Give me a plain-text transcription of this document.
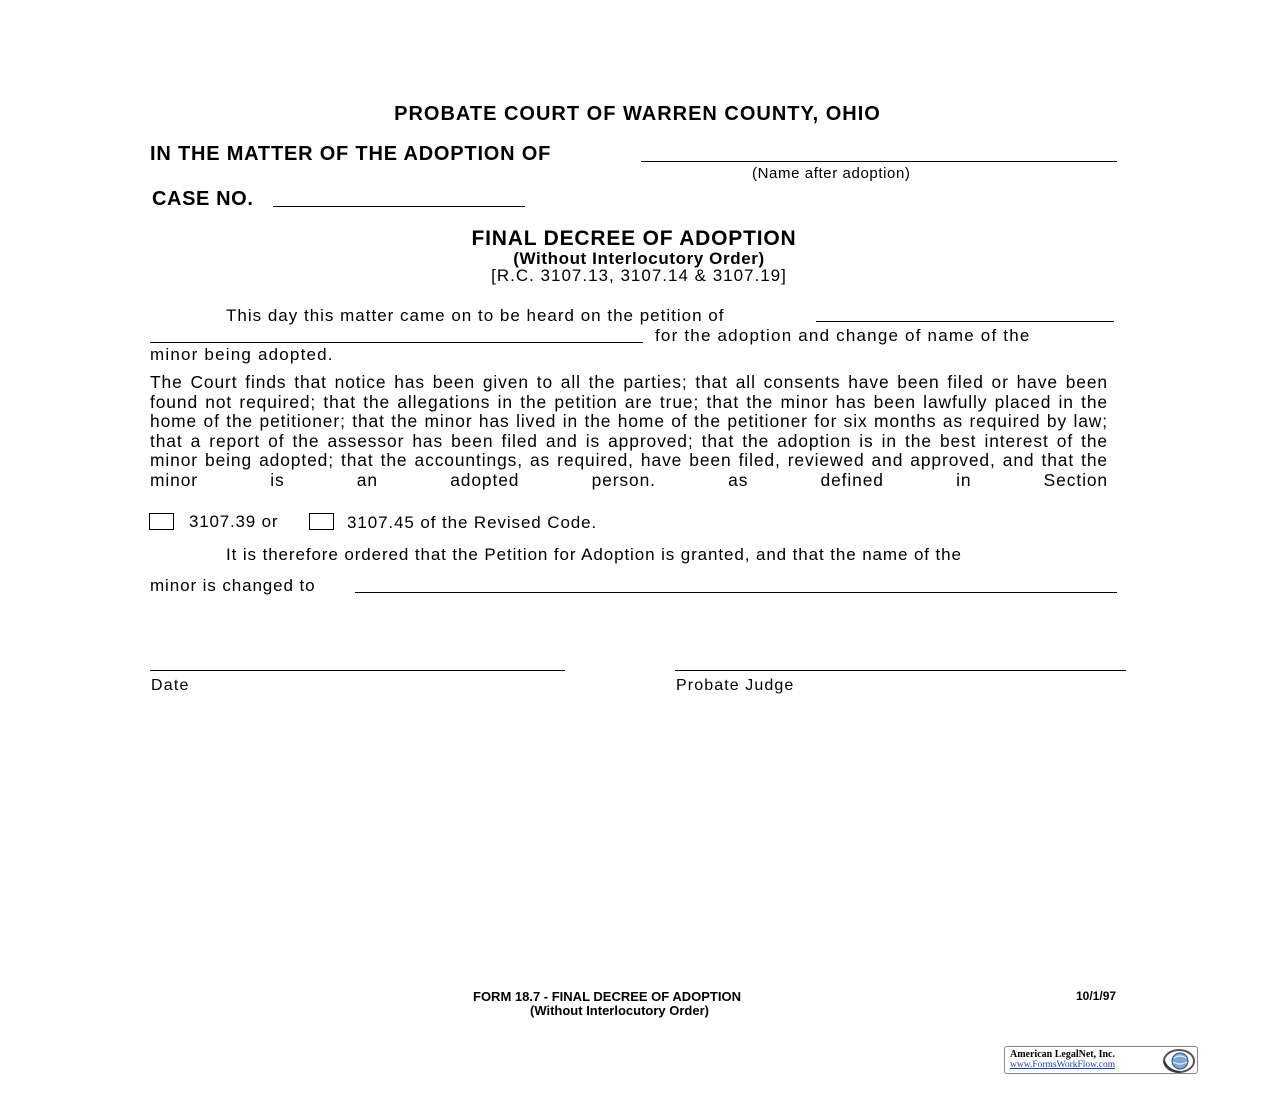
PROBATE COURT OF WARREN COUNTY, OHIO
IN THE MATTER OF THE ADOPTION OF
(Name after adoption)
CASE NO.
FINAL DECREE OF ADOPTION
(Without Interlocutory Order)
[R.C. 3107.13, 3107.14 & 3107.19]
This day this matter came on to be heard on the petition of
for the adoption and change of name of the
minor being adopted.
The Court finds that notice has been given to all the parties; that all consents have been filed or have been found not required; that the allegations in the petition are true; that the minor has been lawfully placed in the home of the petitioner; that the minor has lived in the home of the petitioner for six months as required by law; that a report of the assessor has been filed and is approved; that the adoption is in the best interest of the minor being adopted; that the accountings, as required, have been filed, reviewed and approved, and that the minor is an adopted person. as defined in Section
3107.39 or	3107.45 of the Revised Code.
It is therefore ordered that the Petition for Adoption is granted, and that the name of the
minor is changed to
Date	Probate Judge
FORM 18.7 - FINAL DECREE OF ADOPTION
(Without Interlocutory Order)
10/1/97
American LegalNet, Inc.
www.FormsWorkFlow.com
